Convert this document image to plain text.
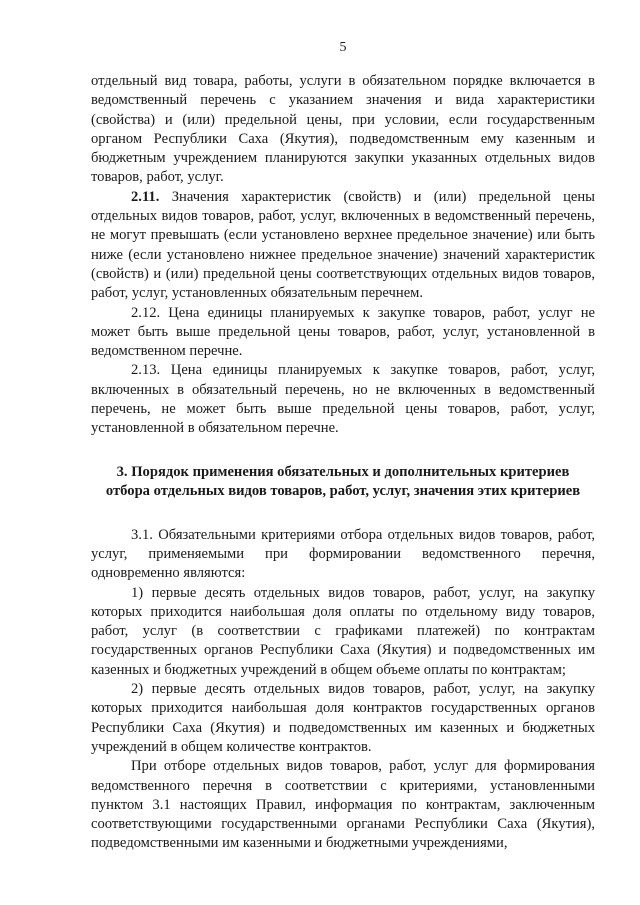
5

отдельный вид товара, работы, услуги в обязательном порядке включается в ведомственный перечень с указанием значения и вида характеристики (свойства) и (или) предельной цены, при условии, если государственным органом Республики Саха (Якутия), подведомственным ему казенным и бюджетным учреждением планируются закупки указанных отдельных видов товаров, работ, услуг.

2.11. Значения характеристик (свойств) и (или) предельной цены отдельных видов товаров, работ, услуг, включенных в ведомственный перечень, не могут превышать (если установлено верхнее предельное значение) или быть ниже (если установлено нижнее предельное значение) значений характеристик (свойств) и (или) предельной цены соответствующих отдельных видов товаров, работ, услуг, установленных обязательным перечнем.

2.12. Цена единицы планируемых к закупке товаров, работ, услуг не может быть выше предельной цены товаров, работ, услуг, установленной в ведомственном перечне.

2.13. Цена единицы планируемых к закупке товаров, работ, услуг, включенных в обязательный перечень, но не включенных в ведомственный перечень, не может быть выше предельной цены товаров, работ, услуг, установленной в обязательном перечне.

3. Порядок применения обязательных и дополнительных критериев
отбора отдельных видов товаров, работ, услуг, значения этих критериев

3.1. Обязательными критериями отбора отдельных видов товаров, работ, услуг, применяемыми при формировании ведомственного перечня, одновременно являются:

1) первые десять отдельных видов товаров, работ, услуг, на закупку которых приходится наибольшая доля оплаты по отдельному виду товаров, работ, услуг (в соответствии с графиками платежей) по контрактам государственных органов Республики Саха (Якутия) и подведомственных им казенных и бюджетных учреждений в общем объеме оплаты по контрактам;

2) первые десять отдельных видов товаров, работ, услуг, на закупку которых приходится наибольшая доля контрактов государственных органов Республики Саха (Якутия) и подведомственных им казенных и бюджетных учреждений в общем количестве контрактов.

При отборе отдельных видов товаров, работ, услуг для формирования ведомственного перечня в соответствии с критериями, установленными пунктом 3.1 настоящих Правил, информация по контрактам, заключенным соответствующими государственными органами Республики Саха (Якутия), подведомственными им казенными и бюджетными учреждениями,
